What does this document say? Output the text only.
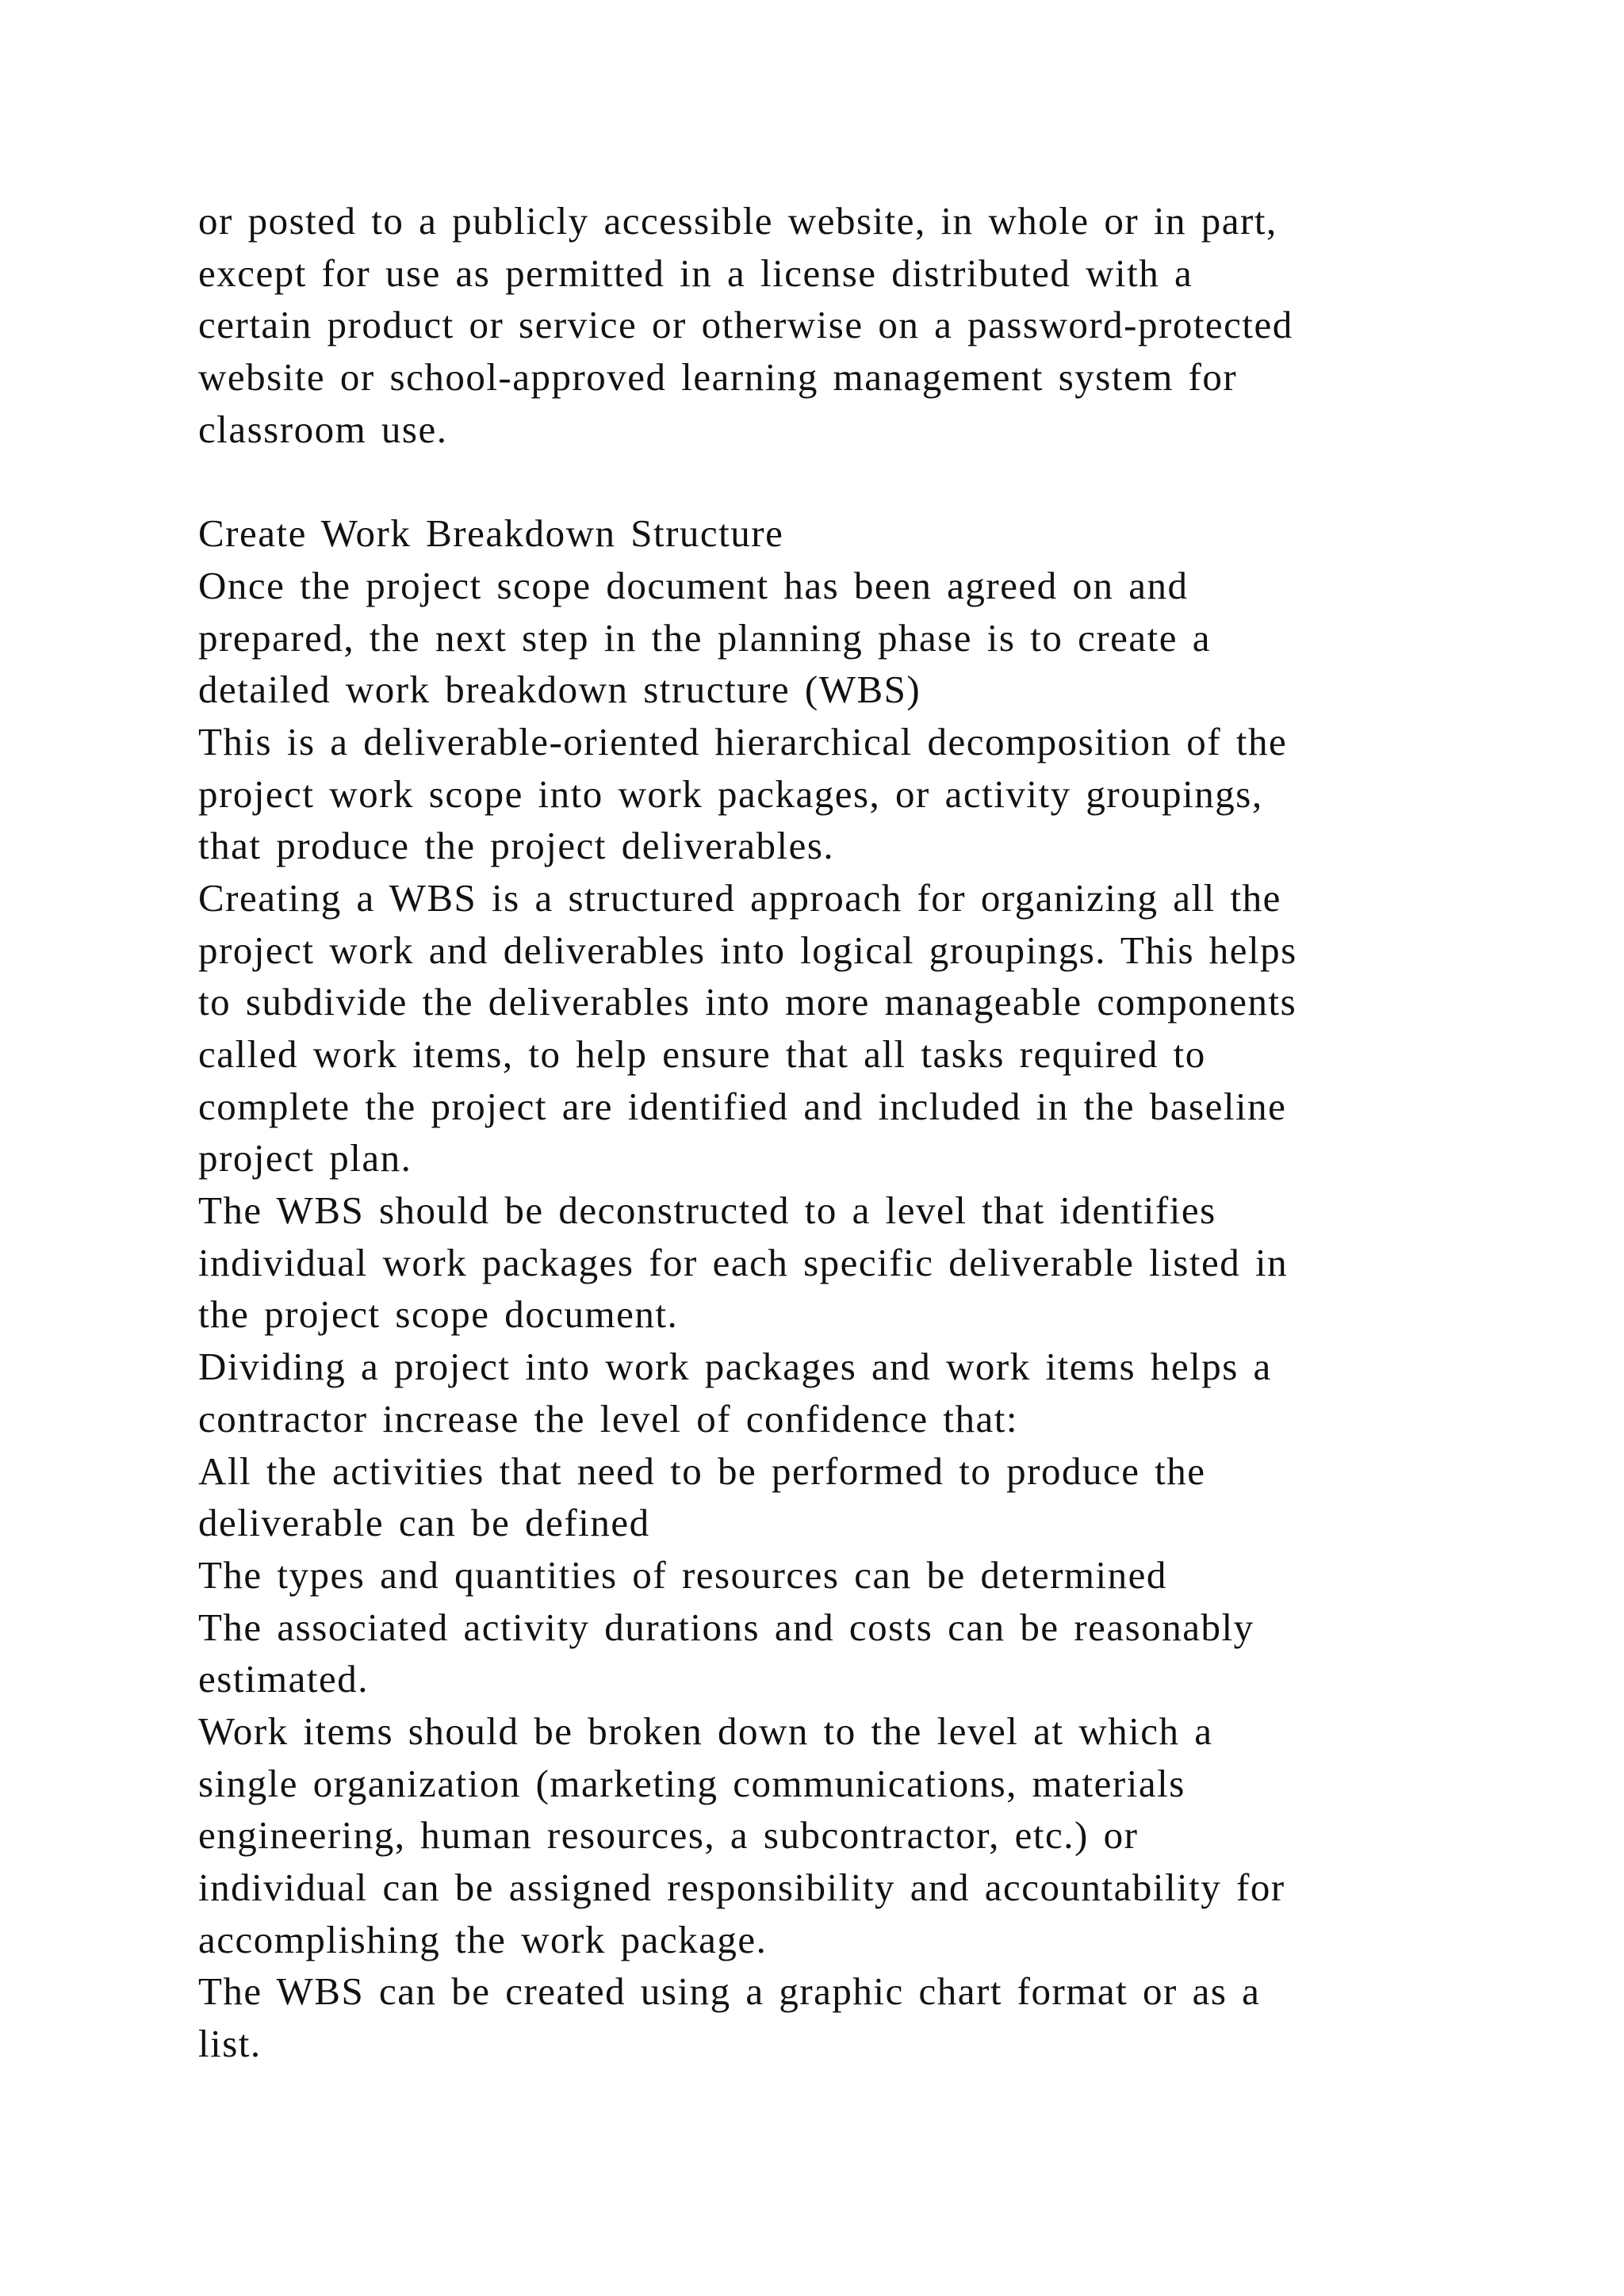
or posted to a publicly accessible website, in whole or in part,
except for use as permitted in a license distributed with a
certain product or service or otherwise on a password-protected
website or school-approved learning management system for
classroom use.
Create Work Breakdown Structure
Once the project scope document has been agreed on and
prepared, the next step in the planning phase is to create a
detailed work breakdown structure (WBS)
This is a deliverable-oriented hierarchical decomposition of the
project work scope into work packages, or activity groupings,
that produce the project deliverables.
Creating a WBS is a structured approach for organizing all the
project work and deliverables into logical groupings. This helps
to subdivide the deliverables into more manageable components
called work items, to help ensure that all tasks required to
complete the project are identified and included in the baseline
project plan.
The WBS should be deconstructed to a level that identifies
individual work packages for each specific deliverable listed in
the project scope document.
Dividing a project into work packages and work items helps a
contractor increase the level of confidence that:
All the activities that need to be performed to produce the
deliverable can be defined
The types and quantities of resources can be determined
The associated activity durations and costs can be reasonably
estimated.
Work items should be broken down to the level at which a
single organization (marketing communications, materials
engineering, human resources, a subcontractor, etc.) or
individual can be assigned responsibility and accountability for
accomplishing the work package.
The WBS can be created using a graphic chart format or as a
list.
